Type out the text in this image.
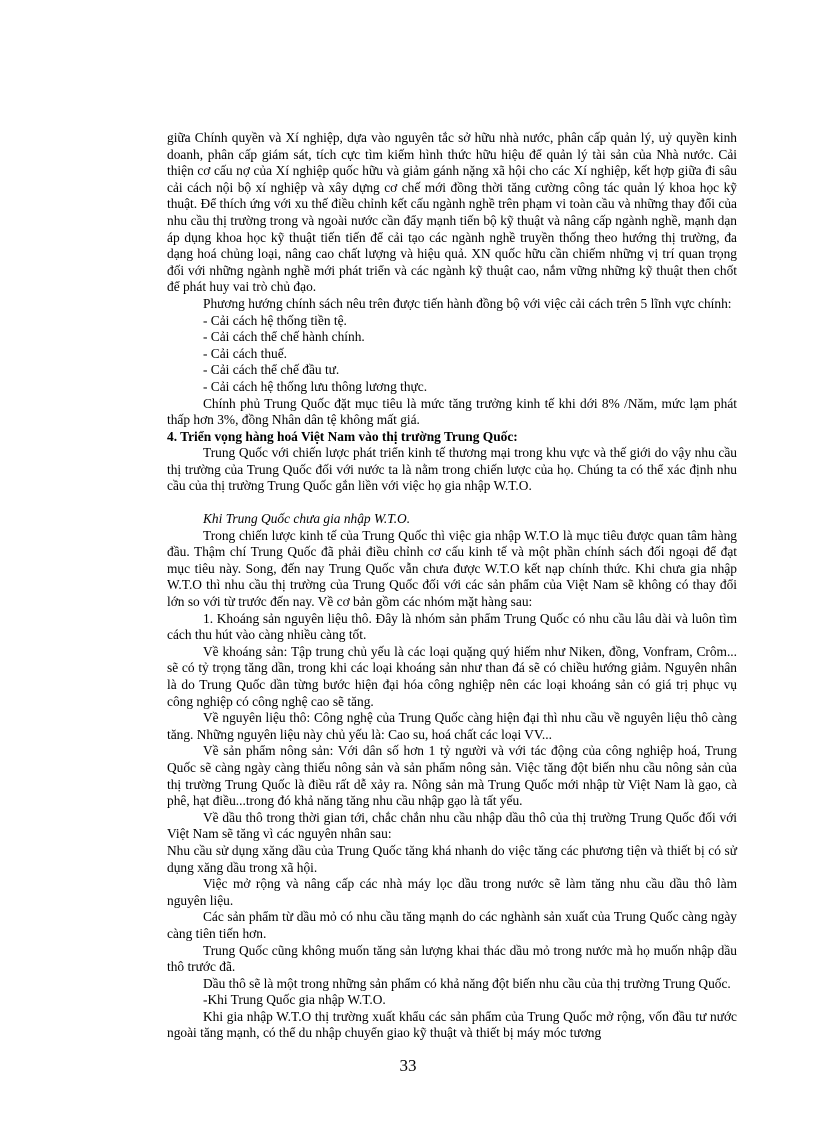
giữa Chính quyền và Xí nghiệp, dựa vào nguyên tắc sở hữu nhà nước, phân cấp quản lý, uỷ quyền kinh doanh, phân cấp giám sát, tích cực tìm kiếm hình thức hữu hiệu để quản lý tài sản của Nhà nước. Cải thiện cơ cấu nợ của Xí nghiệp quốc hữu và giảm gánh nặng xã hội cho các Xí nghiệp, kết hợp giữa đi sâu cải cách nội bộ xí nghiệp và xây dựng cơ chế mới đồng thời tăng cường công tác quản lý khoa học kỹ thuật. Để thích ứng với xu thế điều chỉnh kết cấu ngành nghề trên phạm vi toàn cầu và những thay đổi của nhu cầu thị trường trong và ngoài nước cần đẩy mạnh tiến bộ kỹ thuật và nâng cấp ngành nghề, mạnh dạn áp dụng khoa học kỹ thuật tiến tiến để cải tạo các ngành nghề truyền thống theo hướng thị trường, đa dạng hoá chủng loại, nâng cao chất lượng và hiệu quả. XN quốc hữu cần chiếm những vị trí quan trọng đối với những ngành nghề mới phát triển và các ngành kỹ thuật cao, nắm vững những kỹ thuật then chốt để phát huy vai trò chủ đạo.

Phương hướng chính sách nêu trên được tiến hành đồng bộ với việc cải cách trên 5 lĩnh vực chính:

- Cải cách hệ thống tiền tệ.
- Cải cách thể chế hành chính.
- Cải cách thuế.
- Cải cách thể chế đầu tư.
- Cải cách hệ thống lưu thông lương thực.

Chính phủ Trung Quốc đặt mục tiêu là mức tăng trưởng kinh tế khi dới 8% /Năm, mức lạm phát thấp hơn 3%, đồng Nhân dân tệ không mất giá.

4. Triển vọng hàng hoá Việt Nam vào thị trường Trung Quốc:

Trung Quốc với chiến lược phát triển kinh tế thương mại trong khu vực và thế giới do vậy nhu cầu thị trường của Trung Quốc đối với nước ta là nằm trong chiến lược của họ. Chúng ta có thể xác định nhu cầu của thị trường Trung Quốc gắn liền với việc họ gia nhập W.T.O.

Khi Trung Quốc chưa gia nhập W.T.O.

Trong chiến lược kinh tế của Trung Quốc thì việc gia nhập W.T.O là mục tiêu được quan tâm hàng đầu. Thậm chí Trung Quốc đã phải điều chỉnh cơ cấu kinh tế và một phần chính sách đối ngoại để đạt mục tiêu này. Song, đến nay Trung Quốc vẫn chưa được W.T.O kết nạp chính thức. Khi chưa gia nhập W.T.O thì nhu cầu thị trường của Trung Quốc đối với các sản phẩm của Việt Nam sẽ không có thay đổi lớn so với từ trước đến nay. Về cơ bản gồm các nhóm mặt hàng sau:

1. Khoáng sản nguyên liệu thô. Đây là nhóm sản phẩm Trung Quốc có nhu cầu lâu dài và luôn tìm cách thu hút vào càng nhiều càng tốt.

Về khoáng sản: Tập trung chủ yếu là các loại quặng quý hiếm như Niken, đồng, Vonfram, Crôm... sẽ có tỷ trọng tăng dần, trong khi các loại khoáng sản như than đá sẽ có chiều hướng giảm. Nguyên nhân là do Trung Quốc dần từng bước hiện đại hóa công nghiệp nên các loại khoáng sản có giá trị phục vụ công nghiệp có công nghệ cao sẽ tăng.

Về nguyên liệu thô: Công nghệ của Trung Quốc càng hiện đại thì nhu cầu về nguyên liệu thô càng tăng. Những nguyên liệu này chủ yếu là: Cao su, hoá chất các loại VV...

Về sản phẩm nông sản: Với dân số hơn 1 tỷ người và với tác động của công nghiệp hoá, Trung Quốc sẽ càng ngày càng thiếu nông sản và sản phẩm nông sản. Việc tăng đột biến nhu cầu nông sản của thị trường Trung Quốc là điều rất dễ xảy ra. Nông sản mà Trung Quốc mới nhập từ Việt Nam là gạo, cà phê, hạt điều...trong đó khả năng tăng nhu cầu nhập gạo là tất yếu.

Về dầu thô trong thời gian tới, chắc chắn nhu cầu nhập dầu thô của thị trường Trung Quốc đối với Việt Nam sẽ tăng vì các nguyên nhân sau:

Nhu cầu sử dụng xăng dầu của Trung Quốc tăng khá nhanh do việc tăng các phương tiện và thiết bị có sử dụng xăng dầu trong xã hội.

Việc mở rộng và nâng cấp các nhà máy lọc dầu trong nước sẽ làm tăng nhu cầu dầu thô làm nguyên liệu.

Các sản phẩm từ dầu mỏ có nhu cầu tăng mạnh do các nghành sản xuất của Trung Quốc càng ngày càng tiên tiến hơn.

Trung Quốc cũng không muốn tăng sản lượng khai thác dầu mỏ trong nước mà họ muốn nhập dầu thô trước đã.

Dầu thô sẽ là một trong những sản phẩm có khả năng đột biến nhu cầu của thị trường Trung Quốc.

-Khi Trung Quốc gia nhập W.T.O.

Khi gia nhập W.T.O thị trường xuất khẩu các sản phẩm của Trung Quốc mở rộng, vốn đầu tư nước ngoài tăng mạnh, có thể du nhập chuyển giao kỹ thuật và thiết bị máy móc tương

33
